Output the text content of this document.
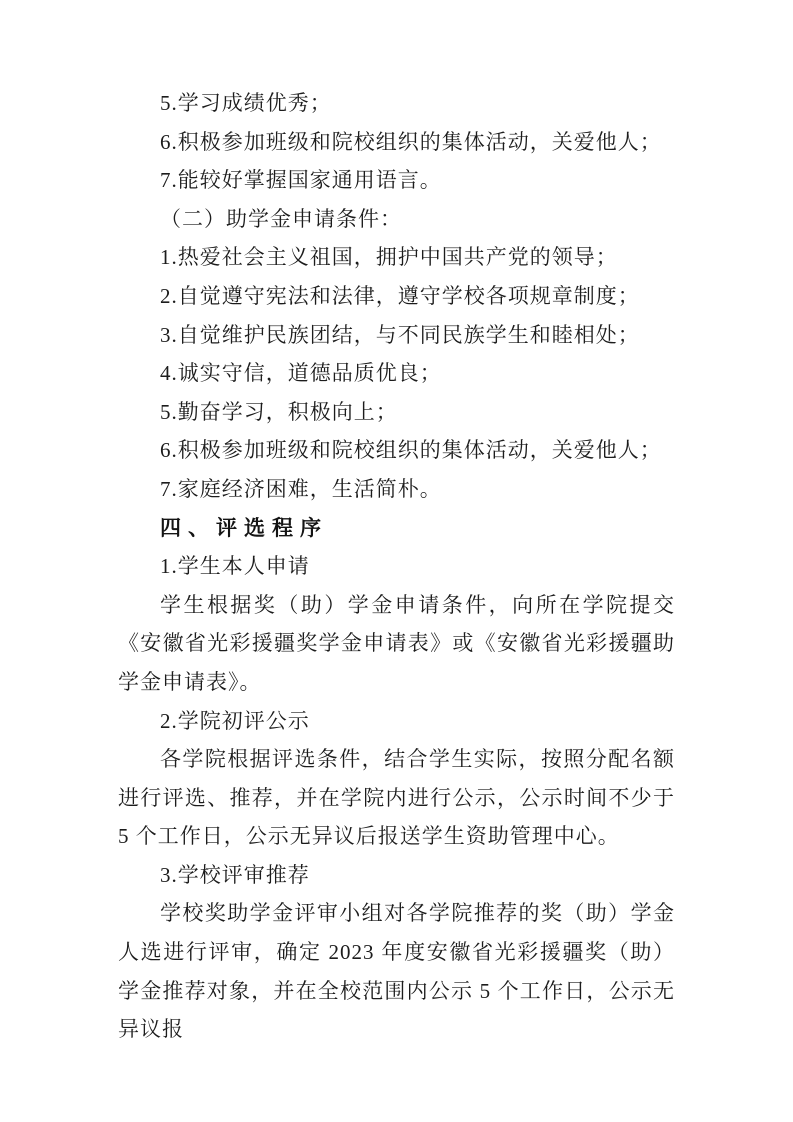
5.学习成绩优秀；

6.积极参加班级和院校组织的集体活动，关爱他人；

7.能较好掌握国家通用语言。

（二）助学金申请条件：

1.热爱社会主义祖国，拥护中国共产党的领导；

2.自觉遵守宪法和法律，遵守学校各项规章制度；

3.自觉维护民族团结，与不同民族学生和睦相处；

4.诚实守信，道德品质优良；

5.勤奋学习，积极向上；

6.积极参加班级和院校组织的集体活动，关爱他人；

7.家庭经济困难，生活简朴。

四、评选程序

1.学生本人申请

学生根据奖（助）学金申请条件，向所在学院提交《安徽省光彩援疆奖学金申请表》或《安徽省光彩援疆助学金申请表》。

2.学院初评公示

各学院根据评选条件，结合学生实际，按照分配名额进行评选、推荐，并在学院内进行公示，公示时间不少于 5 个工作日，公示无异议后报送学生资助管理中心。

3.学校评审推荐

学校奖助学金评审小组对各学院推荐的奖（助）学金人选进行评审，确定 2023 年度安徽省光彩援疆奖（助）学金推荐对象，并在全校范围内公示 5 个工作日，公示无异议报
